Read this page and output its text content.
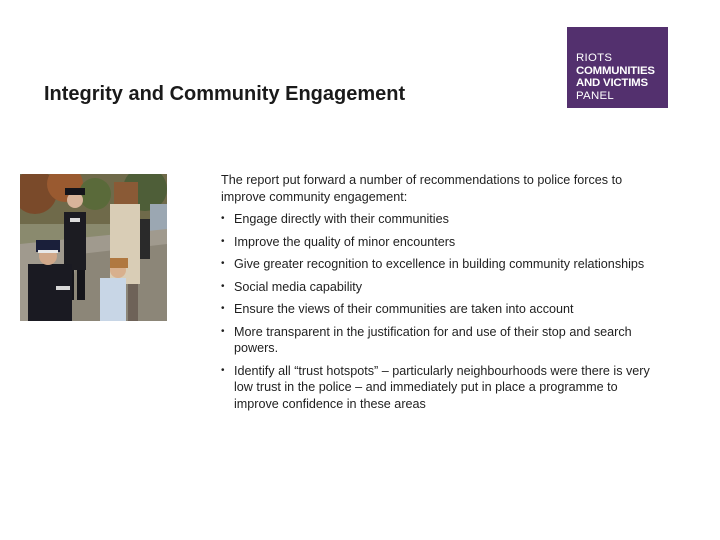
Integrity and Community Engagement
RIOTS
COMMUNITIES
AND VICTIMS
PANEL

The report put forward a number of recommendations to police forces to improve community engagement:

• Engage directly with their communities
• Improve the quality of minor encounters
• Give greater recognition to excellence in building community relationships
• Social media capability
• Ensure the views of their communities are taken into account
• More transparent in the justification for and use of their stop and search powers.
• Identify all “trust hotspots” – particularly neighbourhoods were there is very low trust in the police – and immediately put in place a programme to improve confidence in these areas
